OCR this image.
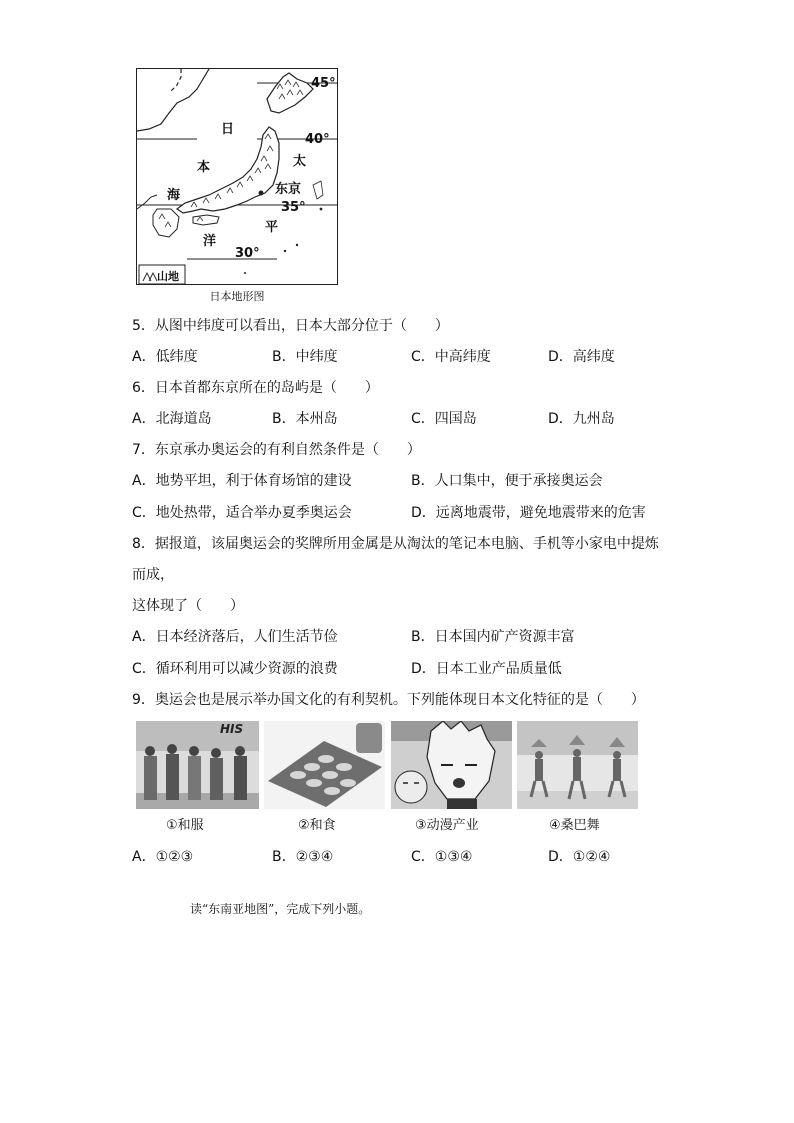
45°
40°
35°
30°
日
本
海
太
平
洋
东京
山地
日本地形图
5．从图中纬度可以看出，日本大部分位于（　　）
A．低纬度	B．中纬度	C．中高纬度	D．高纬度
6．日本首都东京所在的岛屿是（　　）
A．北海道岛	B．本州岛	C．四国岛	D．九州岛
7．东京承办奥运会的有利自然条件是（　　）
A．地势平坦，利于体育场馆的建设	B．人口集中，便于承接奥运会
C．地处热带，适合举办夏季奥运会	D．远离地震带，避免地震带来的危害
8．据报道，该届奥运会的奖牌所用金属是从淘汰的笔记本电脑、手机等小家电中提炼
而成，
这体现了（　　）
A．日本经济落后，人们生活节俭	B．日本国内矿产资源丰富
C．循环利用可以减少资源的浪费	D．日本工业产品质量低
9．奥运会也是展示举办国文化的有利契机。下列能体现日本文化特征的是（　　）
HIS
①和服	②和食	③动漫产业	④桑巴舞
A．①②③	B．②③④	C．①③④	D．①②④
读“东南亚地图”，完成下列小题。
